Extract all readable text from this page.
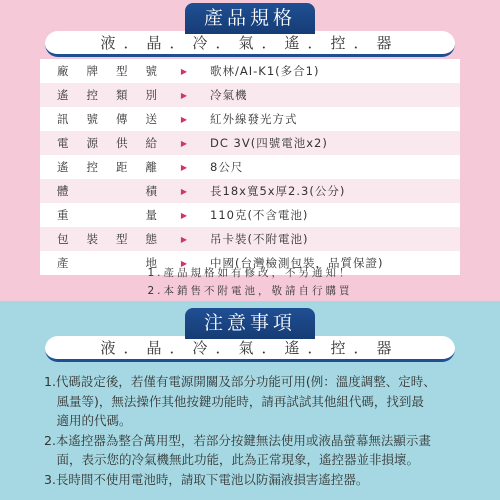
產品規格
液．晶．冷．氣．遙．控．器
廠牌型號	▶	歌林/AI-K1(多合1)
遙控類別	▶	冷氣機
訊號傳送	▶	紅外線發光方式
電源供給	▶	DC 3V(四號電池x2)
遙控距離	▶	8公尺
體積	▶	長18x寬5x厚2.3(公分)
重量	▶	110克(不含電池)
包裝型態	▶	吊卡裝(不附電池)
產地	▶	中國(台灣檢測包裝，品質保證)
1.產品規格如有修改，不另通知！
2.本銷售不附電池，敬請自行購買
注意事項
液．晶．冷．氣．遙．控．器
1.代碼設定後，若僅有電源開關及部分功能可用(例：溫度調整、定時、
　風量等)，無法操作其他按鍵功能時，請再試試其他組代碼，找到最
　適用的代碼。
2.本遙控器為整合萬用型，若部分按鍵無法使用或液晶螢幕無法顯示畫
　面，表示您的冷氣機無此功能，此為正常現象，遙控器並非損壞。
3.長時間不使用電池時，請取下電池以防漏液損害遙控器。
